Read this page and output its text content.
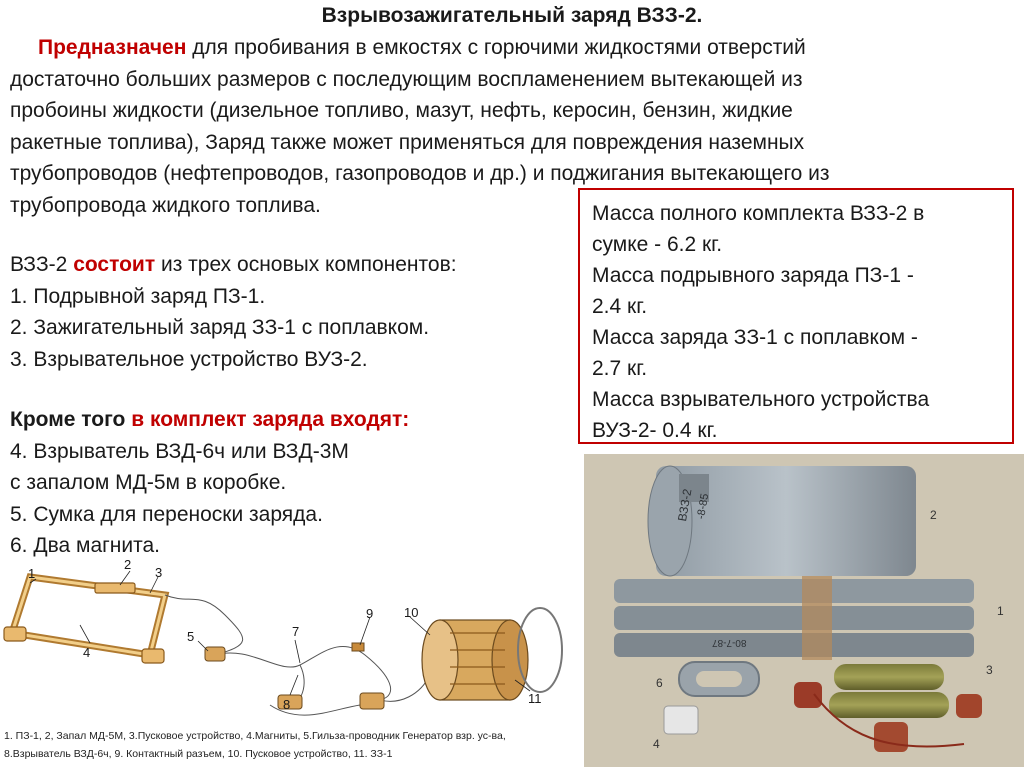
Взрывозажигательный заряд ВЗЗ-2.
Предназначен для пробивания в емкостях с горючими жидкостями отверстий
достаточно больших размеров с последующим воспламенением вытекающей из
пробоины жидкости (дизельное топливо, мазут, нефть, керосин, бензин, жидкие
ракетные топлива), Заряд также может применяться для повреждения наземных
трубопроводов (нефтепроводов, газопроводов и др.) и поджигания вытекающего из
трубопровода жидкого топлива.
ВЗЗ-2 состоит из трех основых компонентов:
1. Подрывной заряд ПЗ-1.
2. Зажигательный заряд ЗЗ-1 с поплавком.
3. Взрывательное устройство ВУЗ-2.
Кроме того в комплект заряда входят:
4. Взрыватель ВЗД-6ч или ВЗД-3М
с запалом МД-5м в коробке.
5. Сумка для переноски заряда.
6. Два магнита.
Масса полного комплекта ВЗЗ-2 в
сумке - 6.2 кг.
Масса подрывного заряда ПЗ-1 -
2.4 кг.
Масса заряда ЗЗ-1 с поплавком -
2.7 кг.
Масса взрывательного устройства
ВУЗ-2- 0.4 кг.
1
2
3
4
5	7
8
9 10
11
1. ПЗ-1, 2, Запал МД-5М, 3.Пусковое устройство, 4.Магниты, 5.Гильза-проводник Генератор взр. ус-ва,
8.Взрыватель ВЗД-6ч, 9. Контактный разъем, 10. Пусковое устройство, 11. ЗЗ-1
2
1
3
6
4
ВЗЗ-2 -8-85
80-7-87
